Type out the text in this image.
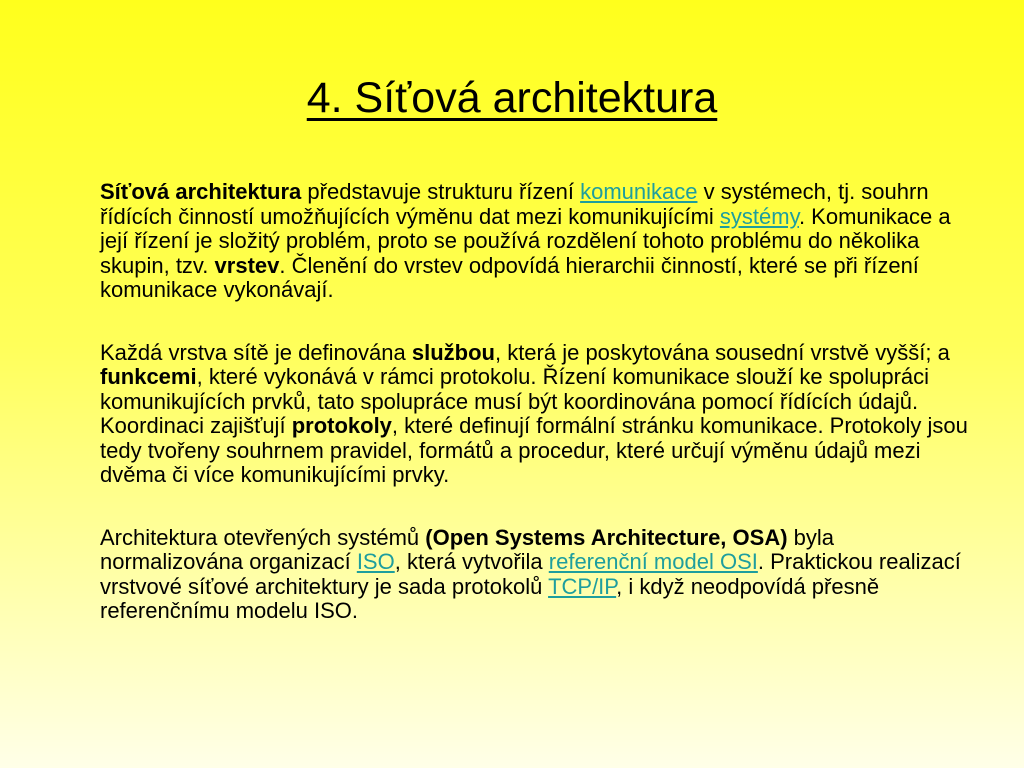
4. Síťová architektura

Síťová architektura představuje strukturu řízení komunikace v systémech, tj. souhrn řídících činností umožňujících výměnu dat mezi komunikujícími systémy. Komunikace a její řízení je složitý problém, proto se používá rozdělení tohoto problému do několika skupin, tzv. vrstev. Členění do vrstev odpovídá hierarchii činností, které se při řízení komunikace vykonávají.

Každá vrstva sítě je definována službou, která je poskytována sousední vrstvě vyšší; a funkcemi, které vykonává v rámci protokolu. Řízení komunikace slouží ke spolupráci komunikujících prvků, tato spolupráce musí být koordinována pomocí řídících údajů. Koordinaci zajišťují protokoly, které definují formální stránku komunikace. Protokoly jsou tedy tvořeny souhrnem pravidel, formátů a procedur, které určují výměnu údajů mezi dvěma či více komunikujícími prvky.

Architektura otevřených systémů (Open Systems Architecture, OSA) byla normalizována organizací ISO, která vytvořila referenční model OSI. Praktickou realizací vrstvové síťové architektury je sada protokolů TCP/IP, i když neodpovídá přesně referenčnímu modelu ISO.
